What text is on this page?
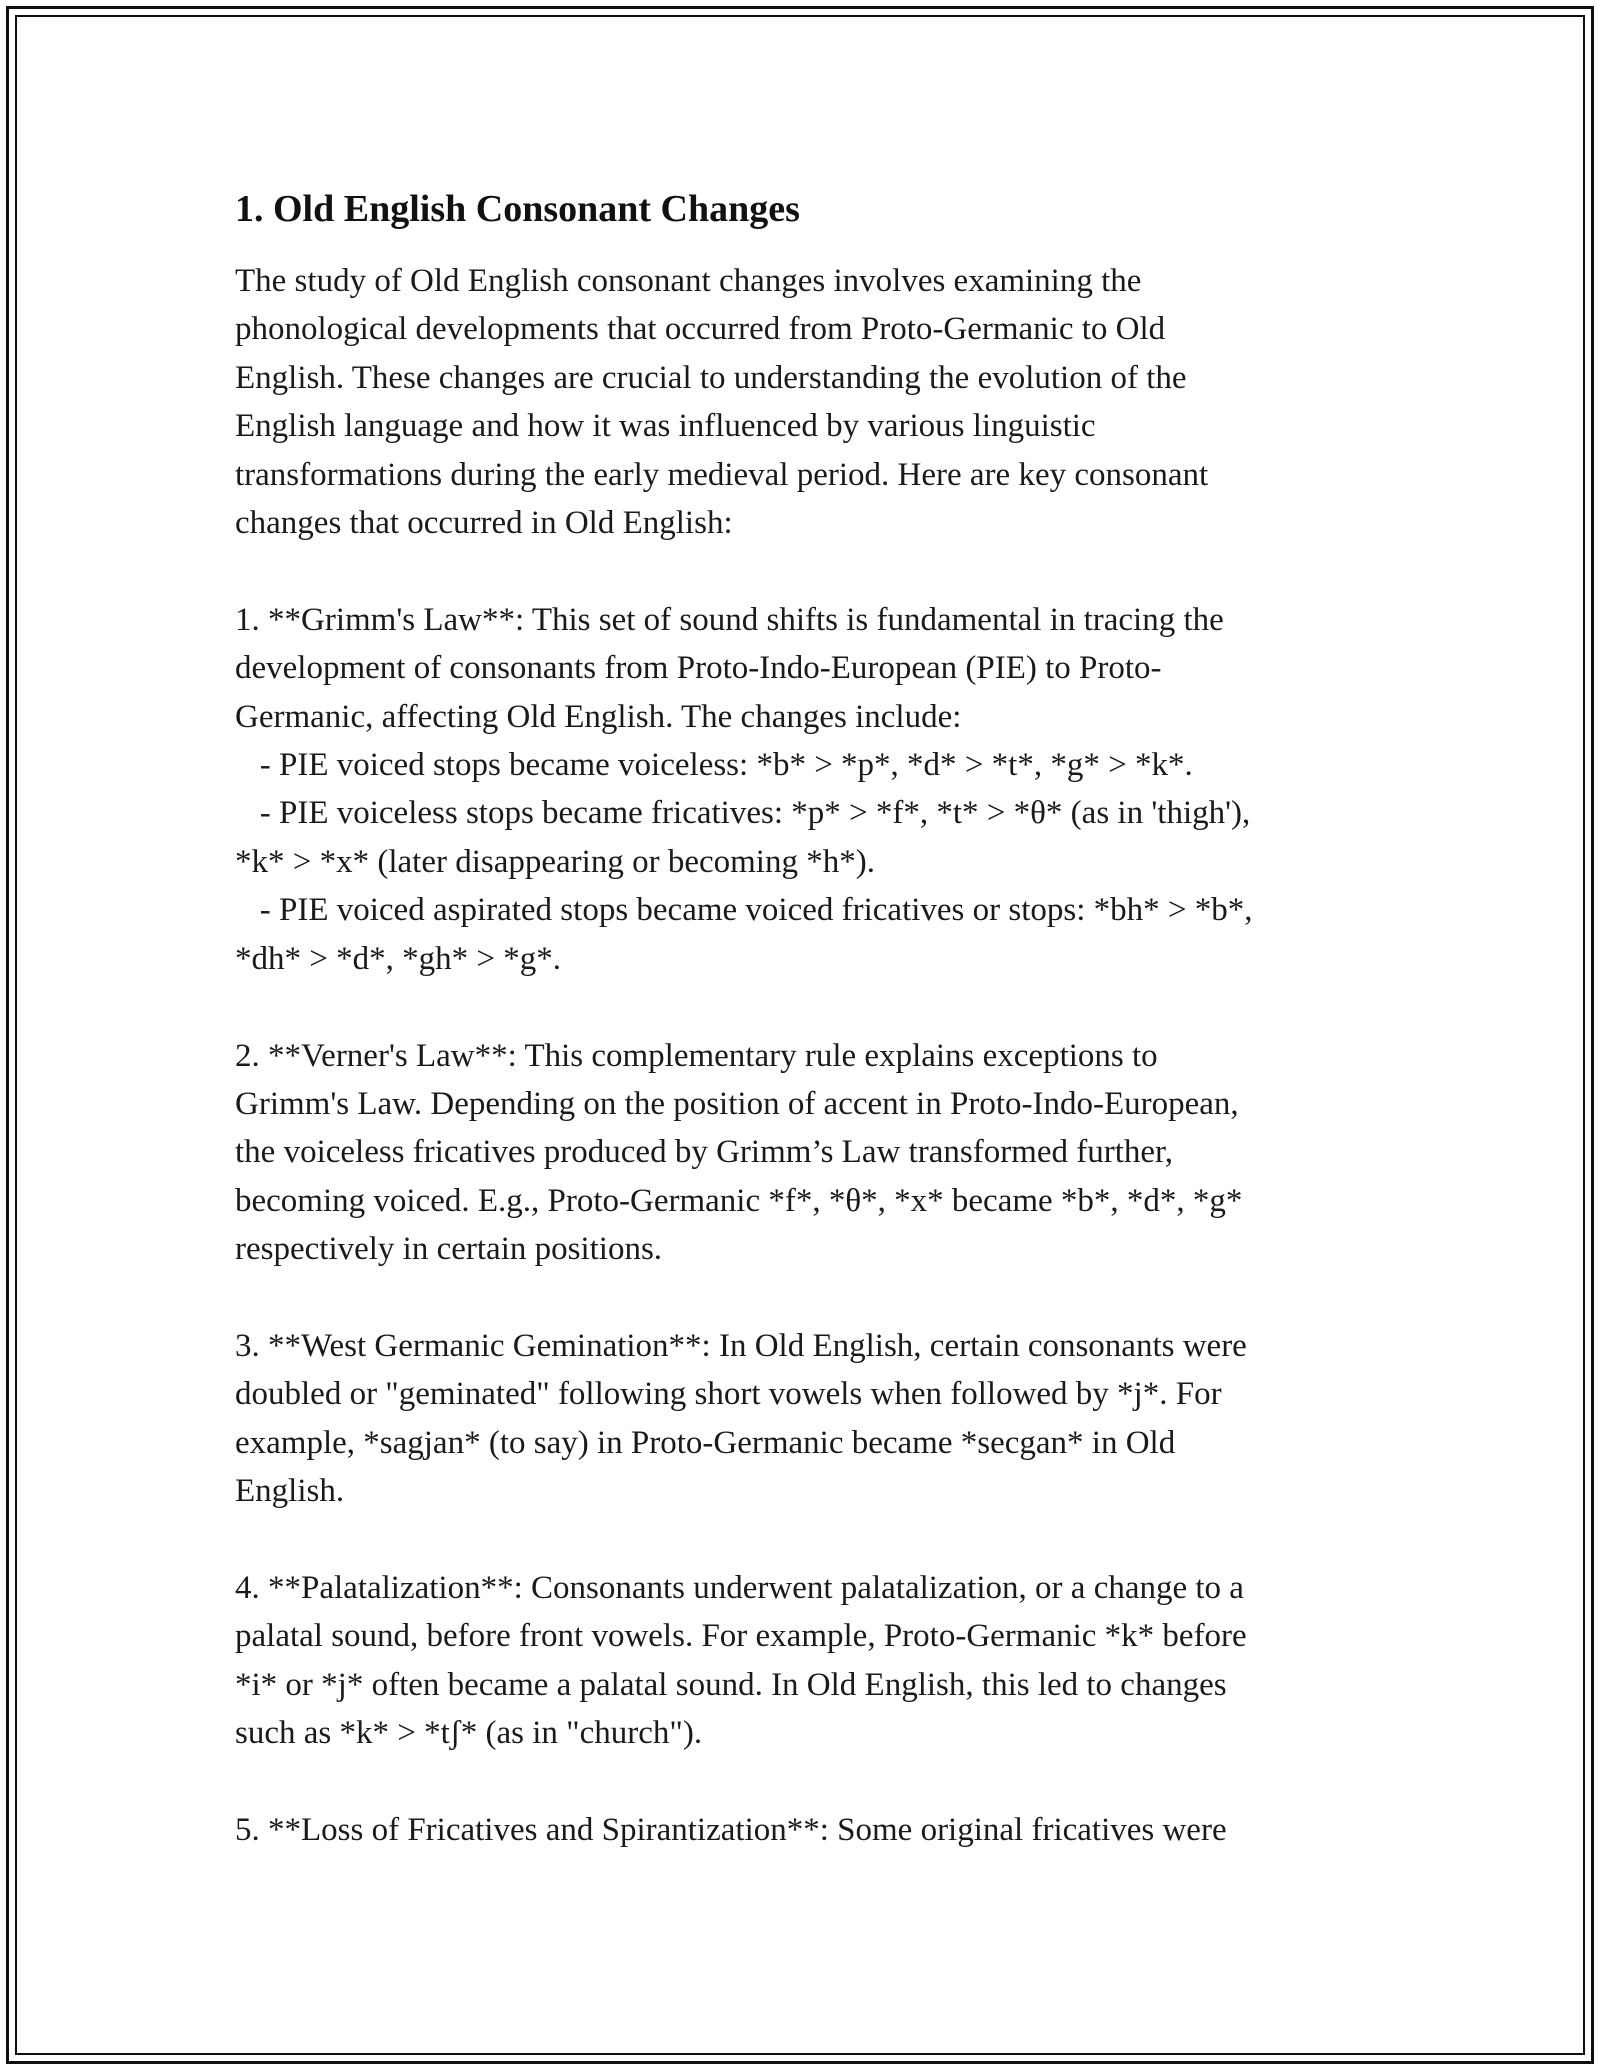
1. Old English Consonant Changes

The study of Old English consonant changes involves examining the
phonological developments that occurred from Proto-Germanic to Old
English. These changes are crucial to understanding the evolution of the
English language and how it was influenced by various linguistic
transformations during the early medieval period. Here are key consonant
changes that occurred in Old English:

1. **Grimm's Law**: This set of sound shifts is fundamental in tracing the
development of consonants from Proto-Indo-European (PIE) to Proto-
Germanic, affecting Old English. The changes include:
- PIE voiced stops became voiceless: *b* > *p*, *d* > *t*, *g* > *k*.
- PIE voiceless stops became fricatives: *p* > *f*, *t* > *θ* (as in 'thigh'),
*k* > *x* (later disappearing or becoming *h*).
- PIE voiced aspirated stops became voiced fricatives or stops: *bh* > *b*,
*dh* > *d*, *gh* > *g*.

2. **Verner's Law**: This complementary rule explains exceptions to
Grimm's Law. Depending on the position of accent in Proto-Indo-European,
the voiceless fricatives produced by Grimm’s Law transformed further,
becoming voiced. E.g., Proto-Germanic *f*, *θ*, *x* became *b*, *d*, *g*
respectively in certain positions.

3. **West Germanic Gemination**: In Old English, certain consonants were
doubled or "geminated" following short vowels when followed by *j*. For
example, *sagjan* (to say) in Proto-Germanic became *secgan* in Old
English.

4. **Palatalization**: Consonants underwent palatalization, or a change to a
palatal sound, before front vowels. For example, Proto-Germanic *k* before
*i* or *j* often became a palatal sound. In Old English, this led to changes
such as *k* > *tʃ* (as in "church").

5. **Loss of Fricatives and Spirantization**: Some original fricatives were
